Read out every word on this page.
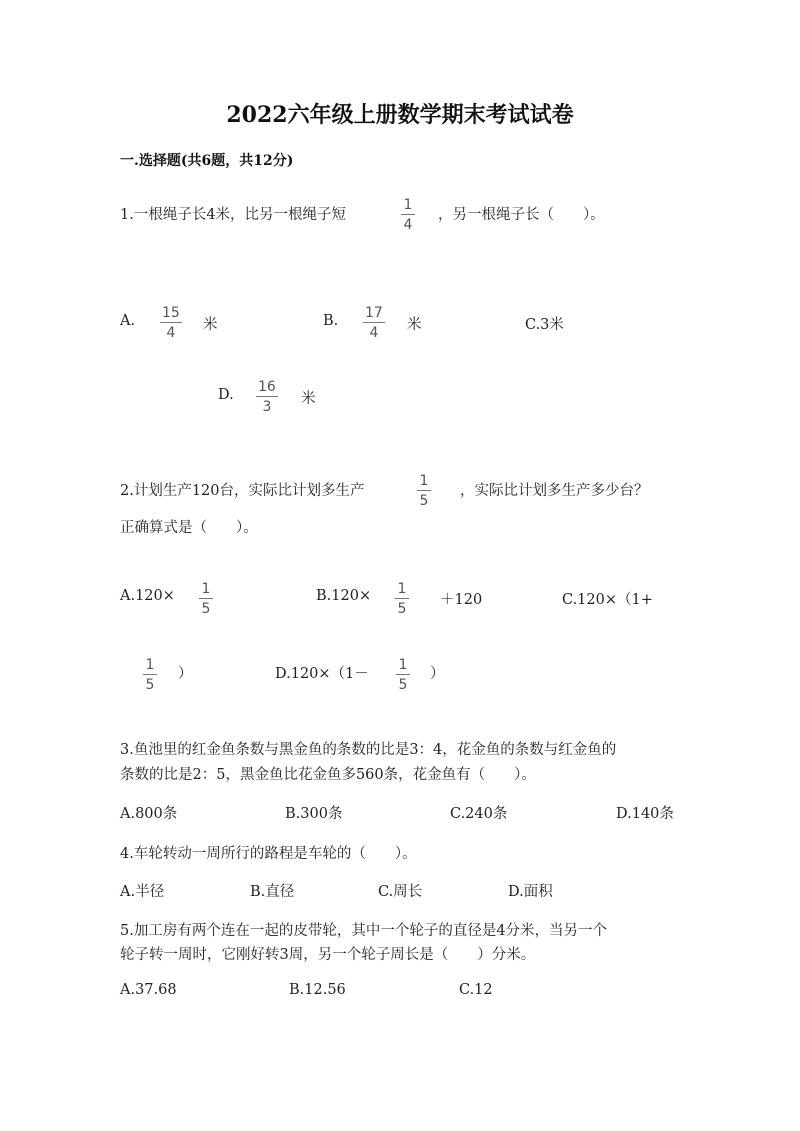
2022六年级上册数学期末考试试卷
一.选择题(共6题，共12分)
1.一根绳子长4米，比另一根绳子短
1
4
，另一根绳子长（　　）。
A. 15
4 米	B. 17
4 米	C.3米
D. 16
3 米
2.计划生产120台，实际比计划多生产
1
5
，实际比计划多生产多少台？
正确算式是（　　）。
A.120× 1
5
B.120× 1
5
＋120	C.120×（1+
1
5
）	D.120×（1－
1
5
）
3.鱼池里的红金鱼条数与黑金鱼的条数的比是3：4，花金鱼的条数与红金鱼的
条数的比是2：5，黑金鱼比花金鱼多560条，花金鱼有（　　）。
A.800条	B.300条	C.240条	D.140条
4.车轮转动一周所行的路程是车轮的（　　）。
A.半径	B.直径	C.周长	D.面积
5.加工房有两个连在一起的皮带轮，其中一个轮子的直径是4分米，当另一个
轮子转一周时，它刚好转3周，另一个轮子周长是（　　）分米。
A.37.68	B.12.56	C.12
